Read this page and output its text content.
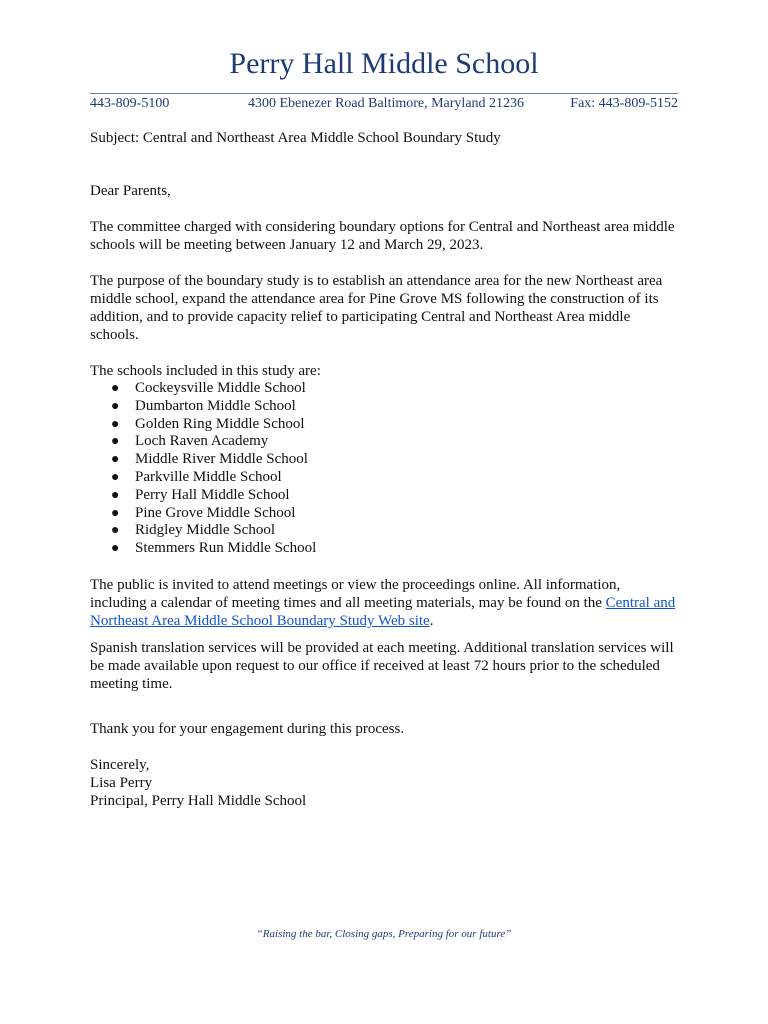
Perry Hall Middle School
443-809-5100	4300 Ebenezer Road Baltimore, Maryland 21236	Fax: 443-809-5152

Subject: Central and Northeast Area Middle School Boundary Study

Dear Parents,

The committee charged with considering boundary options for Central and Northeast area middle schools will be meeting between January 12 and March 29, 2023.

The purpose of the boundary study is to establish an attendance area for the new Northeast area middle school, expand the attendance area for Pine Grove MS following the construction of its addition, and to provide capacity relief to participating Central and Northeast Area middle schools.

The schools included in this study are:

● Cockeysville Middle School
● Dumbarton Middle School
● Golden Ring Middle School
● Loch Raven Academy
● Middle River Middle School
● Parkville Middle School
● Perry Hall Middle School
● Pine Grove Middle School
● Ridgley Middle School
● Stemmers Run Middle School

The public is invited to attend meetings or view the proceedings online. All information, including a calendar of meeting times and all meeting materials, may be found on the Central and Northeast Area Middle School Boundary Study Web site.

Spanish translation services will be provided at each meeting. Additional translation services will be made available upon request to our office if received at least 72 hours prior to the scheduled meeting time.

Thank you for your engagement during this process.

Sincerely,

Lisa Perry

Principal, Perry Hall Middle School

“Raising the bar, Closing gaps, Preparing for our future”
